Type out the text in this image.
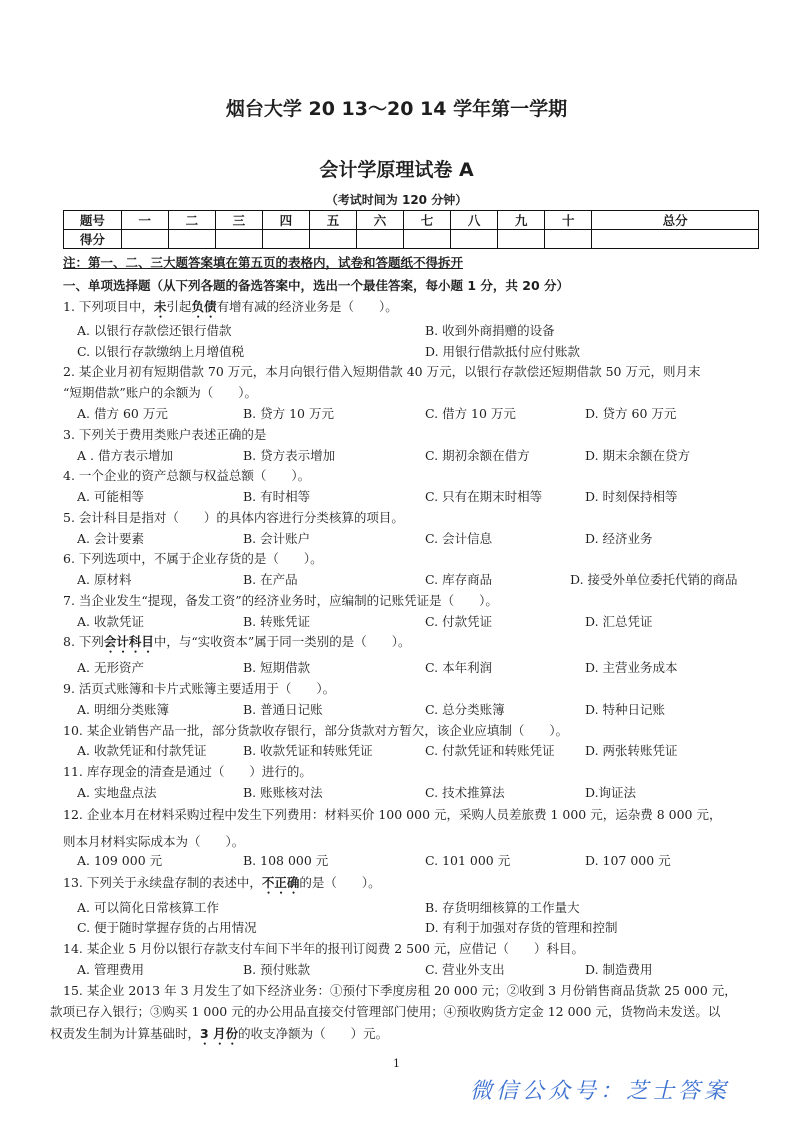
烟台大学 20 13～20 14 学年第一学期
会计学原理试卷 A
（考试时间为 120 分钟）
题号	一	二	三	四	五	六	七	八	九	十	总分
得分											
注：第一、二、三大题答案填在第五页的表格内，试卷和答题纸不得拆开
一、单项选择题（从下列各题的备选答案中，选出一个最佳答案，每小题 1 分，共 20 分）
1. 下列项目中，未引起负债有增有减的经济业务是（　　）。
A. 以银行存款偿还银行借款	B. 收到外商捐赠的设备
C. 以银行存款缴纳上月增值税	D. 用银行借款抵付应付账款
2. 某企业月初有短期借款 70 万元，本月向银行借入短期借款 40 万元，以银行存款偿还短期借款 50 万元，则月末
“短期借款”账户的余额为（　　）。
A. 借方 60 万元	B. 贷方 10 万元	C. 借方 10 万元	D. 贷方 60 万元
3. 下列关于费用类账户表述正确的是
A . 借方表示增加	B. 贷方表示增加	C. 期初余额在借方	D. 期末余额在贷方
4. 一个企业的资产总额与权益总额（　　）。
A. 可能相等	B. 有时相等	C. 只有在期末时相等	D. 时刻保持相等
5. 会计科目是指对（　　）的具体内容进行分类核算的项目。
A. 会计要素	B. 会计账户	C. 会计信息	D. 经济业务
6. 下列选项中，不属于企业存货的是（　　）。
A. 原材料	B. 在产品	C. 库存商品	D. 接受外单位委托代销的商品
7. 当企业发生“提现，备发工资”的经济业务时，应编制的记账凭证是（　　）。
A. 收款凭证	B. 转账凭证	C. 付款凭证	D. 汇总凭证
8. 下列会计科目中，与“实收资本”属于同一类别的是（　　）。
A. 无形资产	B. 短期借款	C. 本年利润	D. 主营业务成本
9. 活页式账簿和卡片式账簿主要适用于（　　）。
A. 明细分类账簿	B. 普通日记账	C. 总分类账簿	D. 特种日记账
10. 某企业销售产品一批，部分货款收存银行，部分货款对方暂欠，该企业应填制（　　）。
A. 收款凭证和付款凭证	B. 收款凭证和转账凭证	C. 付款凭证和转账凭证 D. 两张转账凭证
11. 库存现金的清查是通过（　　）进行的。
A. 实地盘点法	B. 账账核对法	C. 技术推算法	D.询证法
12. 企业本月在材料采购过程中发生下列费用：材料买价 100 000 元，采购人员差旅费 1 000 元，运杂费 8 000 元，
则本月材料实际成本为（　　）。
A. 109 000 元	B. 108 000 元	C. 101 000 元	D. 107 000 元
13. 下列关于永续盘存制的表述中，不正确的是（　　）。
A. 可以简化日常核算工作	B. 存货明细核算的工作量大
C. 便于随时掌握存货的占用情况	D. 有利于加强对存货的管理和控制
14. 某企业 5 月份以银行存款支付车间下半年的报刊订阅费 2 500 元，应借记（　　）科目。
A. 管理费用	B. 预付账款	C. 营业外支出	D. 制造费用
15. 某企业 2013 年 3 月发生了如下经济业务：①预付下季度房租 20 000 元；②收到 3 月份销售商品货款 25 000 元，
款项已存入银行；③购买 1 000 元的办公用品直接交付管理部门使用；④预收购货方定金 12 000 元，货物尚未发送。以
权责发生制为计算基础时，3 月份的收支净额为（　　）元。
1
微信公众号：芝士答案
